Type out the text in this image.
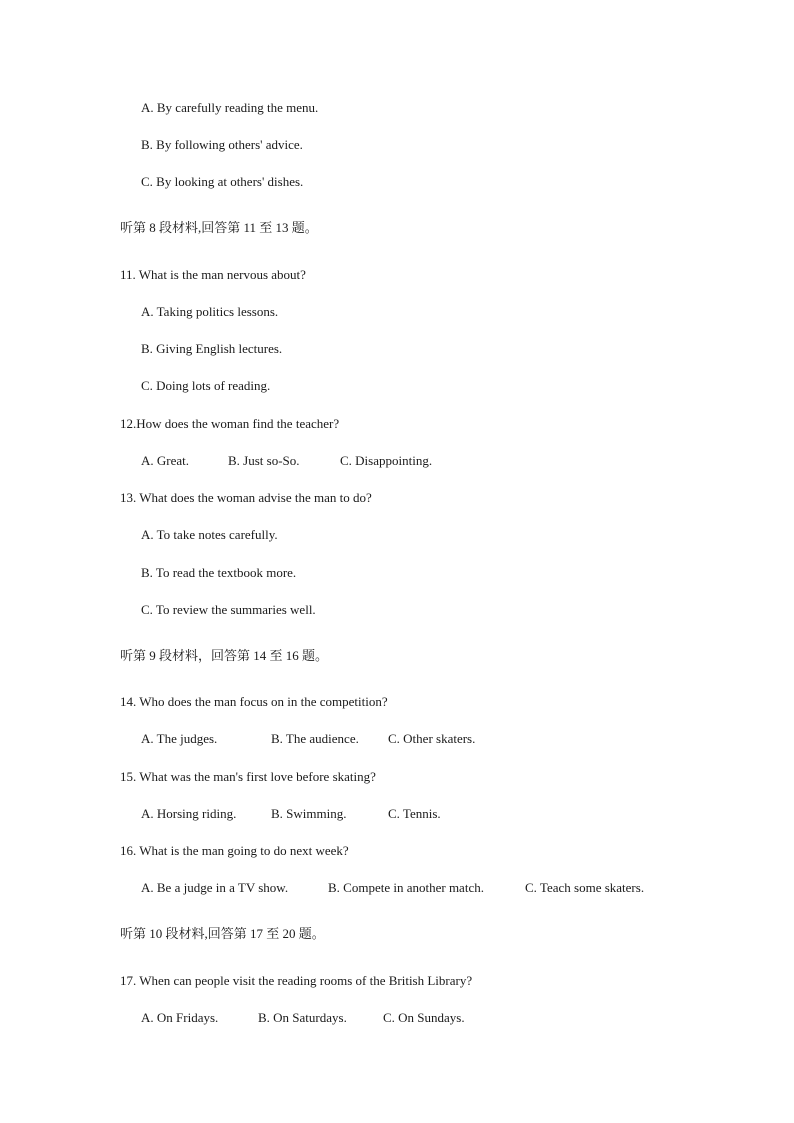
A. By carefully reading the menu.
B. By following others' advice.
C. By looking at others' dishes.
听第 8 段材料,回答第 11 至 13 题。
11. What is the man nervous about?
A. Taking politics lessons.
B. Giving English lectures.
C. Doing lots of reading.
12.How does the woman find the teacher?
A. Great.	B. Just so-So.	C. Disappointing.
13. What does the woman advise the man to do?
A. To take notes carefully.
B. To read the textbook more.
C. To review the summaries well.
听第 9 段材料，回答第 14 至 16 题。
14. Who does the man focus on in the competition?
A. The judges.	B. The audience. C. Other skaters.
15. What was the man's first love before skating?
A. Horsing riding.	B. Swimming.	C. Tennis.
16. What is the man going to do next week?
A. Be a judge in a TV show.	B. Compete in another match.	C. Teach some skaters.
听第 10 段材料,回答第 17 至 20 题。
17. When can people visit the reading rooms of the British Library?
A. On Fridays.	B. On Saturdays.	C. On Sundays.
